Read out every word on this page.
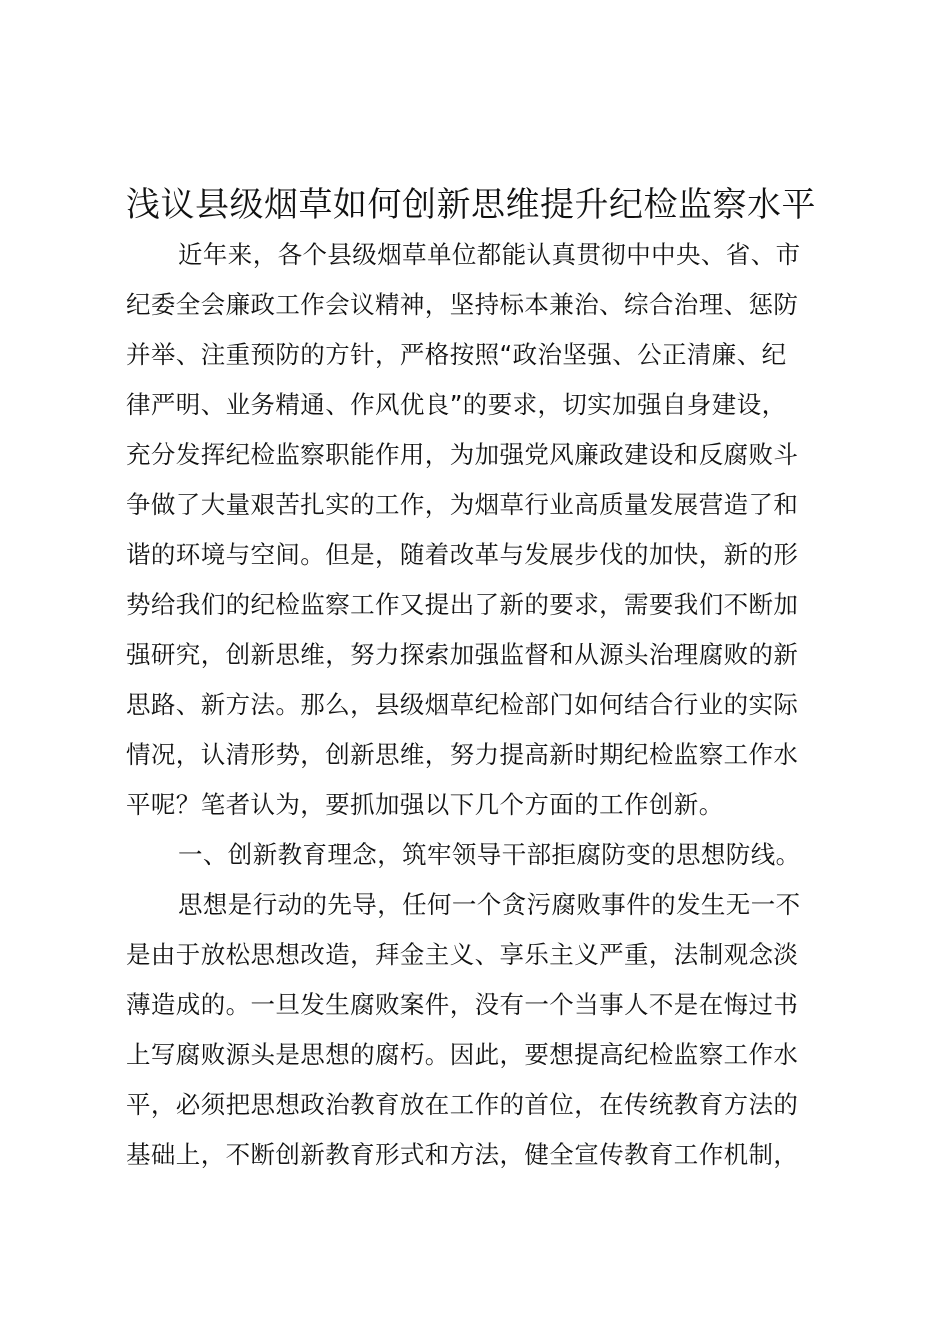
浅议县级烟草如何创新思维提升纪检监察水平
近年来，各个县级烟草单位都能认真贯彻中中央、省、市
纪委全会廉政工作会议精神，坚持标本兼治、综合治理、惩防
并举、注重预防的方针，严格按照“政治坚强、公正清廉、纪
律严明、业务精通、作风优良”的要求，切实加强自身建设，
充分发挥纪检监察职能作用，为加强党风廉政建设和反腐败斗
争做了大量艰苦扎实的工作，为烟草行业高质量发展营造了和
谐的环境与空间。但是，随着改革与发展步伐的加快，新的形
势给我们的纪检监察工作又提出了新的要求，需要我们不断加
强研究，创新思维，努力探索加强监督和从源头治理腐败的新
思路、新方法。那么，县级烟草纪检部门如何结合行业的实际
情况，认清形势，创新思维，努力提高新时期纪检监察工作水
平呢？笔者认为，要抓加强以下几个方面的工作创新。
一、创新教育理念，筑牢领导干部拒腐防变的思想防线。
思想是行动的先导，任何一个贪污腐败事件的发生无一不
是由于放松思想改造，拜金主义、享乐主义严重，法制观念淡
薄造成的。一旦发生腐败案件，没有一个当事人不是在悔过书
上写腐败源头是思想的腐朽。因此，要想提高纪检监察工作水
平，必须把思想政治教育放在工作的首位，在传统教育方法的
基础上，不断创新教育形式和方法，健全宣传教育工作机制，
